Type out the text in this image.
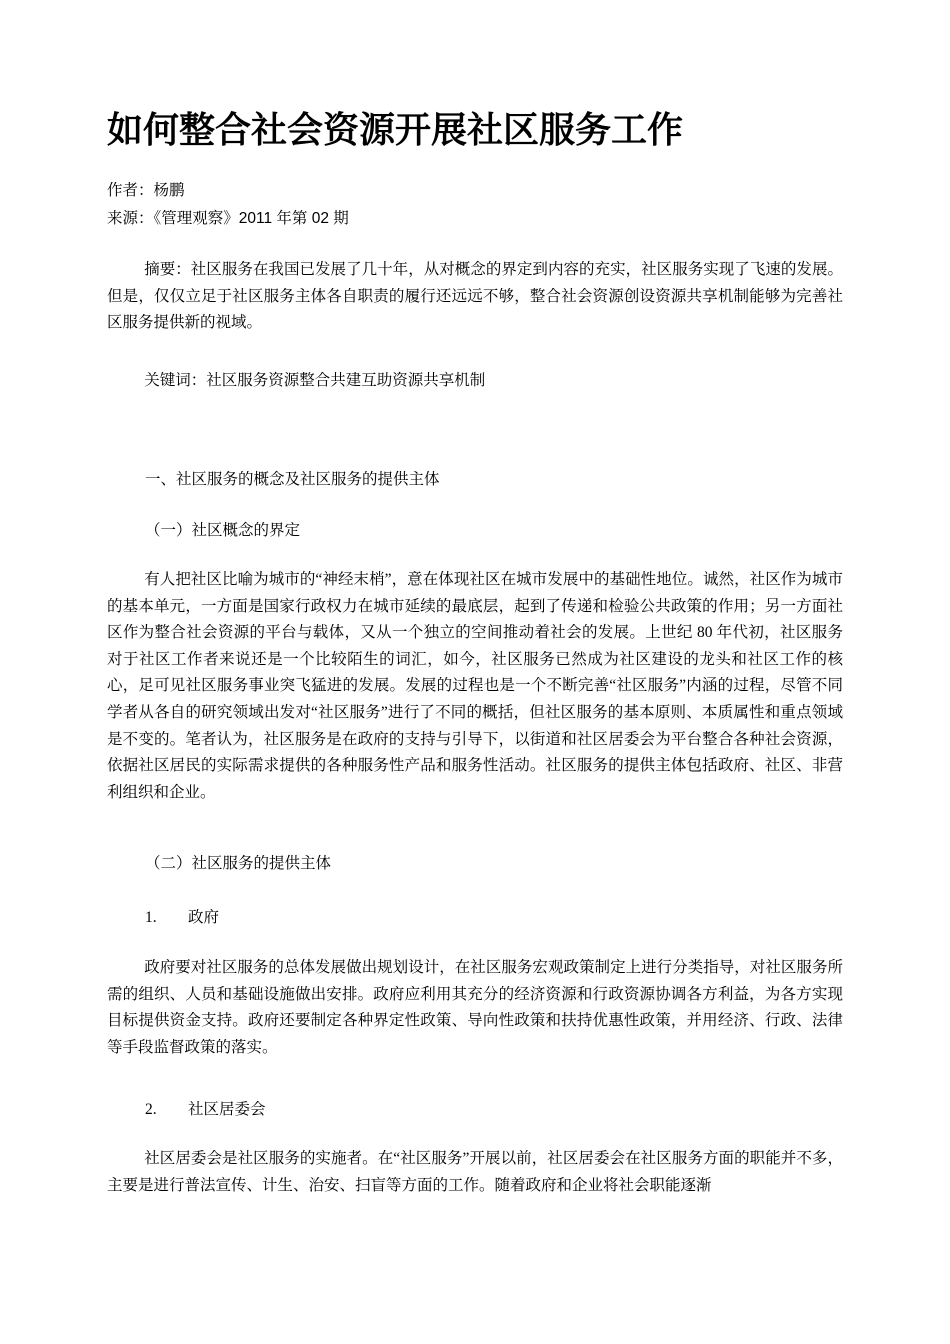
如何整合社会资源开展社区服务工作
作者：杨鹏
来源：《管理观察》2011 年第 02 期

摘要：社区服务在我国已发展了几十年，从对概念的界定到内容的充实，社区服务实现了飞速的发展。但是，仅仅立足于社区服务主体各自职责的履行还远远不够，整合社会资源创设资源共享机制能够为完善社区服务提供新的视域。

关键词：社区服务资源整合共建互助资源共享机制

一、社区服务的概念及社区服务的提供主体

（一）社区概念的界定

有人把社区比喻为城市的“神经末梢”，意在体现社区在城市发展中的基础性地位。诚然，社区作为城市的基本单元，一方面是国家行政权力在城市延续的最底层，起到了传递和检验公共政策的作用；另一方面社区作为整合社会资源的平台与载体，又从一个独立的空间推动着社会的发展。上世纪 80 年代初，社区服务对于社区工作者来说还是一个比较陌生的词汇，如今，社区服务已然成为社区建设的龙头和社区工作的核心，足可见社区服务事业突飞猛进的发展。发展的过程也是一个不断完善“社区服务”内涵的过程，尽管不同学者从各自的研究领域出发对“社区服务”进行了不同的概括，但社区服务的基本原则、本质属性和重点领域是不变的。笔者认为，社区服务是在政府的支持与引导下，以街道和社区居委会为平台整合各种社会资源，依据社区居民的实际需求提供的各种服务性产品和服务性活动。社区服务的提供主体包括政府、社区、非营利组织和企业。

（二）社区服务的提供主体

1. 政府

政府要对社区服务的总体发展做出规划设计，在社区服务宏观政策制定上进行分类指导，对社区服务所需的组织、人员和基础设施做出安排。政府应利用其充分的经济资源和行政资源协调各方利益，为各方实现目标提供资金支持。政府还要制定各种界定性政策、导向性政策和扶持优惠性政策，并用经济、行政、法律等手段监督政策的落实。

2. 社区居委会

社区居委会是社区服务的实施者。在“社区服务”开展以前，社区居委会在社区服务方面的职能并不多，主要是进行普法宣传、计生、治安、扫盲等方面的工作。随着政府和企业将社会职能逐渐
